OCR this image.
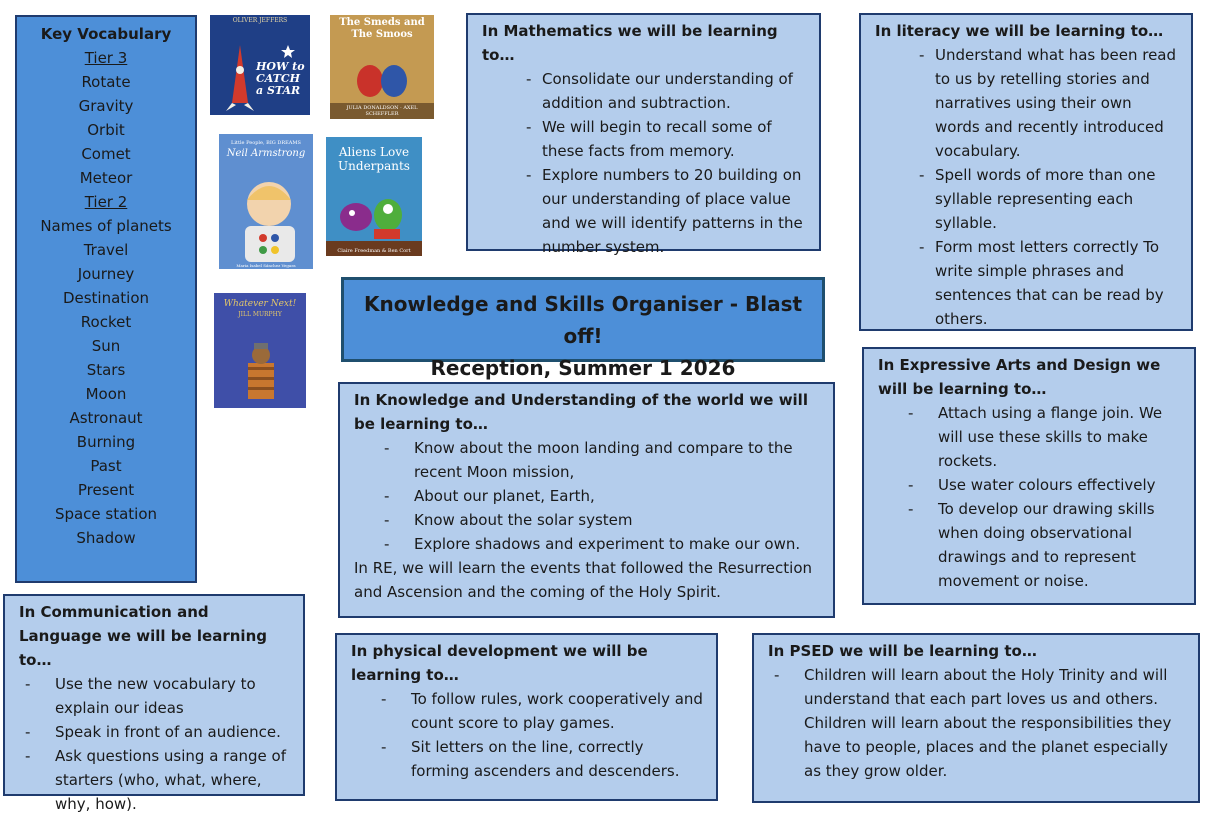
Key Vocabulary
Tier 3
Rotate
Gravity
Orbit
Comet
Meteor
Tier 2
Names of planets
Travel
Journey
Destination
Rocket
Sun
Stars
Moon
Astronaut
Burning
Past
Present
Space station
Shadow
OLIVER JEFFERS
HOW to CATCH a STAR
The Smeds and The Smoos
JULIA DONALDSON · AXEL SCHEFFLER
Little People, BIG DREAMS
Neil Armstrong
Maria Isabel Sánchez Vegara
Aliens Love Underpants
Claire Freedman & Ben Cort
Whatever Next!
JILL MURPHY	Knowledge and Skills Organiser - Blast off!
Reception, Summer 1 2026
In Mathematics we will be learning to…
- Consolidate our understanding of addition and subtraction.
- We will begin to recall some of these facts from memory.
- Explore numbers to 20 building on our understanding of place value and we will identify patterns in the number system.
In literacy we will be learning to…
- Understand what has been read to us by retelling stories and narratives using their own words and recently introduced vocabulary.
- Spell words of more than one syllable representing each syllable.
- Form most letters correctly To write simple phrases and sentences that can be read by others.
In Knowledge and Understanding of the world we will be learning to…
- Know about the moon landing and compare to the recent Moon mission,
- About our planet, Earth,
- Know about the solar system
- Explore shadows and experiment to make our own.
In RE, we will learn the events that followed the Resurrection and Ascension and the coming of the Holy Spirit.
In Expressive Arts and Design we will be learning to…
- Attach using a flange join. We will use these skills to make rockets.
- Use water colours effectively
- To develop our drawing skills when doing observational drawings and to represent movement or noise.
In Communication and Language we will be learning to…
- Use the new vocabulary to explain our ideas
- Speak in front of an audience.
- Ask questions using a range of starters (who, what, where, why, how).
In physical development we will be learning to…
- To follow rules, work cooperatively and count score to play games.
- Sit letters on the line, correctly forming ascenders and descenders.
In PSED we will be learning to…
- Children will learn about the Holy Trinity and will understand that each part loves us and others. Children will learn about the responsibilities they have to people, places and the planet especially as they grow older.
